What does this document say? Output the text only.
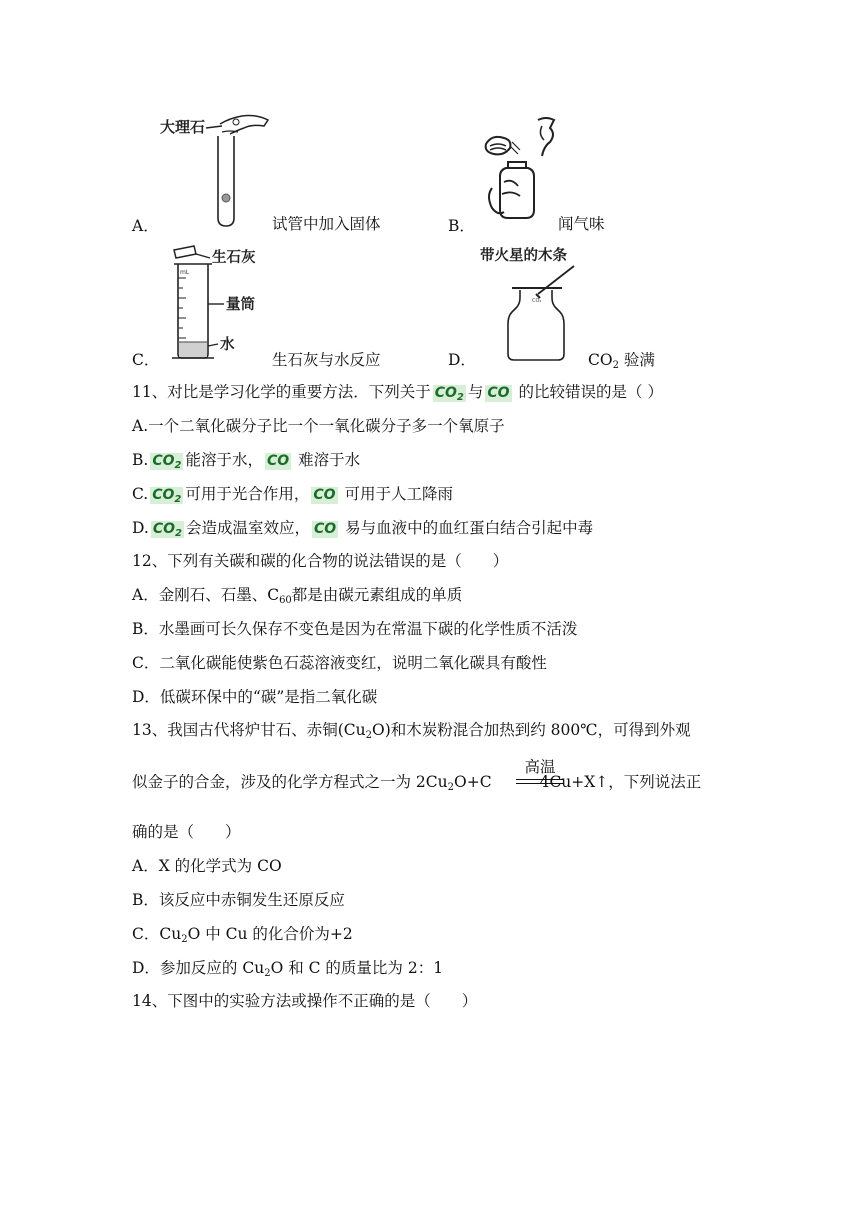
大理石
A．	试管中加入固体	B．	闻气味
生石灰
mL
量筒
水
C．	生石灰与水反应
带火星的木条
CO₂
D．	$CO_2$ 验满
11、对比是学习化学的重要方法．下列关于 $CO_2$ 与 CO 的比较错误的是（ ）
A.一个二氧化碳分子比一个一氧化碳分子多一个氧原子
B. $CO_2$ 能溶于水， CO 难溶于水
C. $CO_2$ 可用于光合作用， CO 可用于人工降雨
D. $CO_2$ 会造成温室效应， CO 易与血液中的血红蛋白结合引起中毒
12、下列有关碳和碳的化合物的说法错误的是（　　）
A．金刚石、石墨、$C_{60}$都是由碳元素组成的单质
B．水墨画可长久保存不变色是因为在常温下碳的化学性质不活泼
C．二氧化碳能使紫色石蕊溶液变红，说明二氧化碳具有酸性
D．低碳环保中的“碳”是指二氧化碳
13、我国古代将炉甘石、赤铜$(Cu_2O)$和木炭粉混合加热到约 800℃，可得到外观
似金子的合金，涉及的化学方程式之一为 $2Cu_2O+C$	4Cu+X↑，下列说法正
高温
确的是（　　）
A．X 的化学式为 CO
B．该反应中赤铜发生还原反应
C．$Cu_2O$ 中 Cu 的化合价为+2
D．参加反应的 $Cu_2O$ 和 C 的质量比为 2：1
14、下图中的实验方法或操作不正确的是（　　）
